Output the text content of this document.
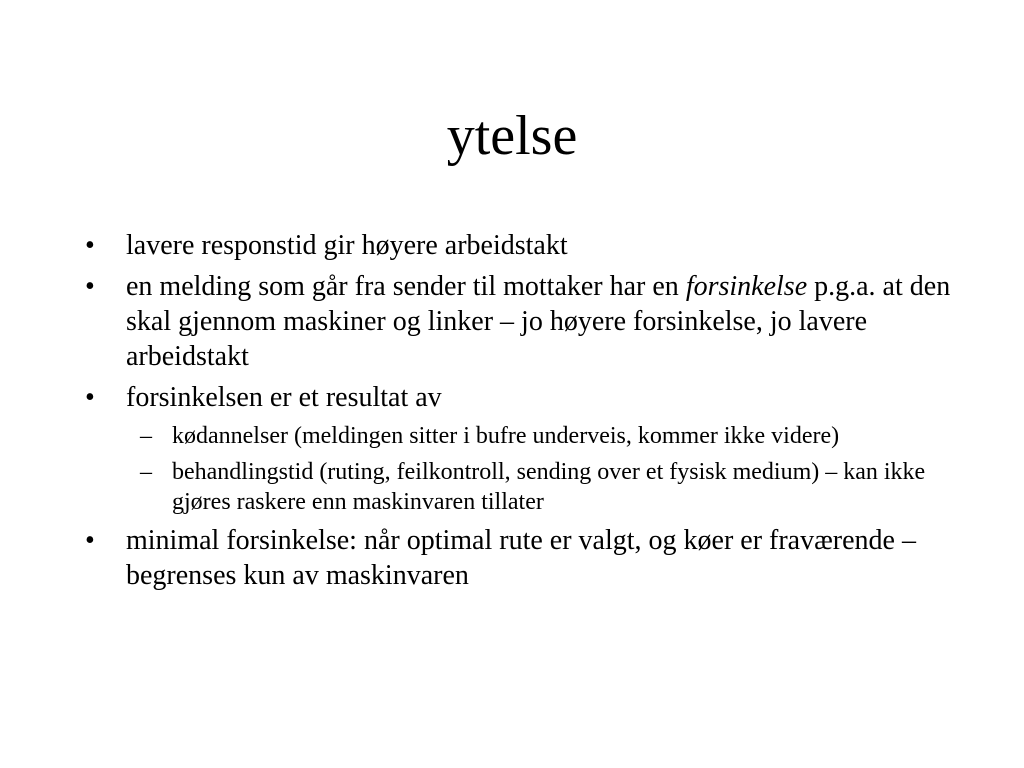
ytelse
• lavere responstid gir høyere arbeidstakt
• en melding som går fra sender til mottaker har en forsinkelse p.g.a. at den skal gjennom maskiner og linker – jo høyere forsinkelse, jo lavere arbeidstakt
• forsinkelsen er et resultat av
– kødannelser (meldingen sitter i bufre underveis, kommer ikke videre)
– behandlingstid (ruting, feilkontroll, sending over et fysisk medium) – kan ikke gjøres raskere enn maskinvaren tillater
• minimal forsinkelse: når optimal rute er valgt, og køer er fraværende – begrenses kun av maskinvaren
